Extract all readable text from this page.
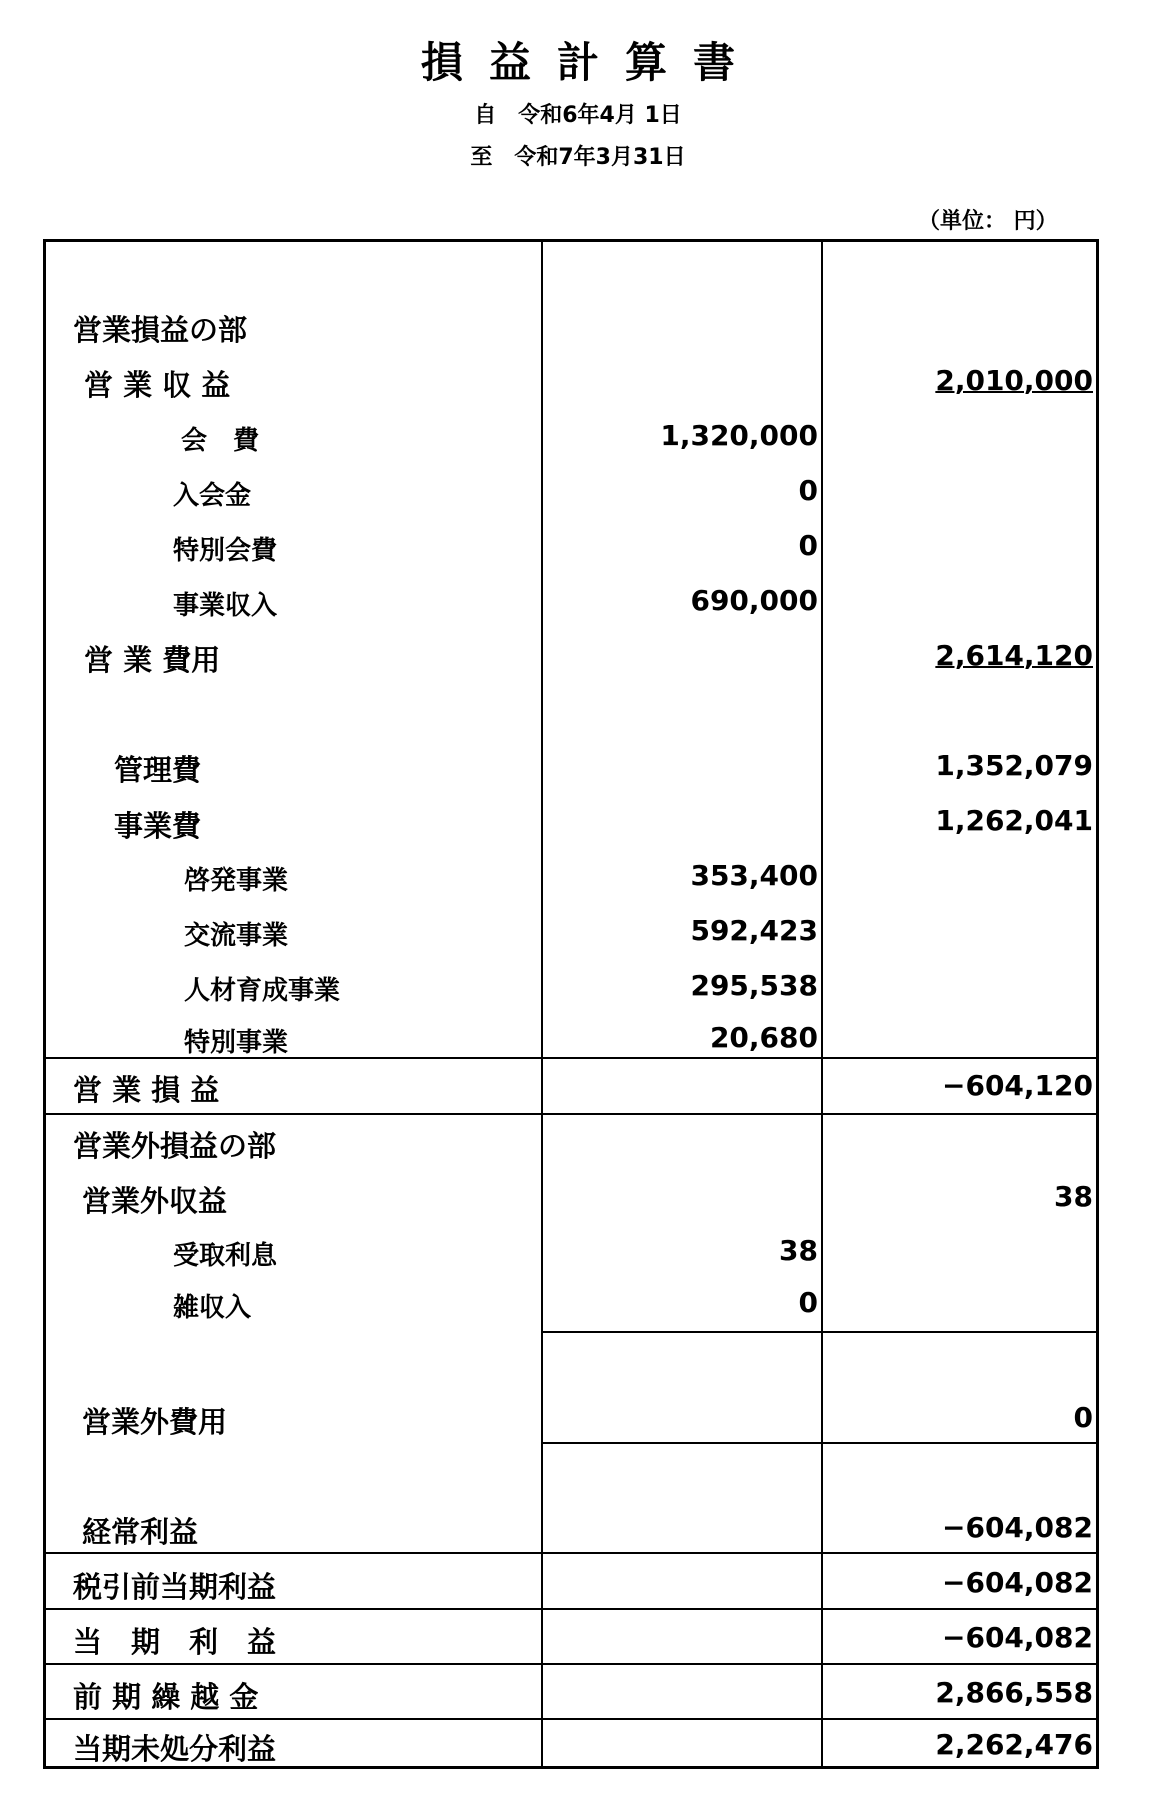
損益計算書
自　令和6年4月 1日
至　令和7年3月31日
（単位： 円）
営業損益の部
営 業 収 益	2,010,000
会　費	1,320,000
入会金	0
特別会費	0
事業収入	690,000
営 業 費用	2,614,120
管理費	1,352,079
事業費	1,262,041
啓発事業	353,400
交流事業	592,423
人材育成事業	295,538
特別事業	20,680
営 業 損 益	−604,120
営業外損益の部
営業外収益	38
受取利息	38
雑収入	0
営業外費用	0
経常利益	−604,082
税引前当期利益	−604,082
当　期　利　益	−604,082
前 期 繰 越 金	2,866,558
当期未処分利益	2,262,476
